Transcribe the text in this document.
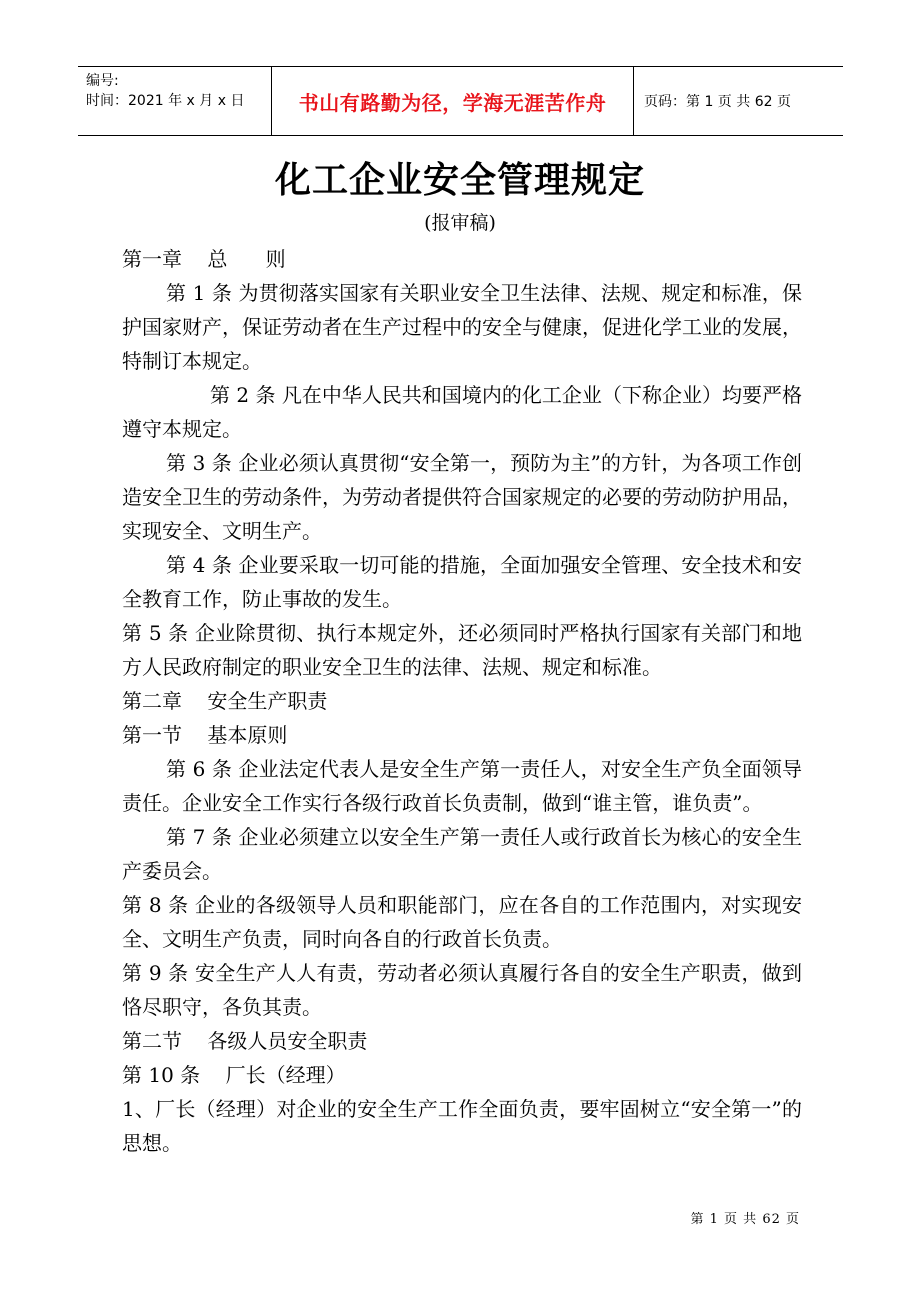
编号:
时间：2021 年 x 月 x 日	书山有路勤为径，学海无涯苦作舟	页码：第 1 页 共 62 页
化工企业安全管理规定
(报审稿)

第一章    总      则

第 1 条 为贯彻落实国家有关职业安全卫生法律、法规、规定和标准，保护国家财产，保证劳动者在生产过程中的安全与健康，促进化学工业的发展，特制订本规定。

第 2 条 凡在中华人民共和国境内的化工企业（下称企业）均要严格遵守本规定。

第 3 条 企业必须认真贯彻“安全第一，预防为主”的方针，为各项工作创造安全卫生的劳动条件，为劳动者提供符合国家规定的必要的劳动防护用品，实现安全、文明生产。

第 4 条 企业要采取一切可能的措施，全面加强安全管理、安全技术和安全教育工作，防止事故的发生。

第 5 条 企业除贯彻、执行本规定外，还必须同时严格执行国家有关部门和地方人民政府制定的职业安全卫生的法律、法规、规定和标准。

第二章    安全生产职责

第一节    基本原则

第 6 条 企业法定代表人是安全生产第一责任人，对安全生产负全面领导责任。企业安全工作实行各级行政首长负责制，做到“谁主管，谁负责”。

第 7 条 企业必须建立以安全生产第一责任人或行政首长为核心的安全生产委员会。

第 8 条 企业的各级领导人员和职能部门，应在各自的工作范围内，对实现安全、文明生产负责，同时向各自的行政首长负责。

第 9 条 安全生产人人有责，劳动者必须认真履行各自的安全生产职责，做到恪尽职守，各负其责。

第二节    各级人员安全职责

第 10 条    厂长（经理）

1、厂长（经理）对企业的安全生产工作全面负责，要牢固树立“安全第一”的思想。

第 1 页 共 62 页
